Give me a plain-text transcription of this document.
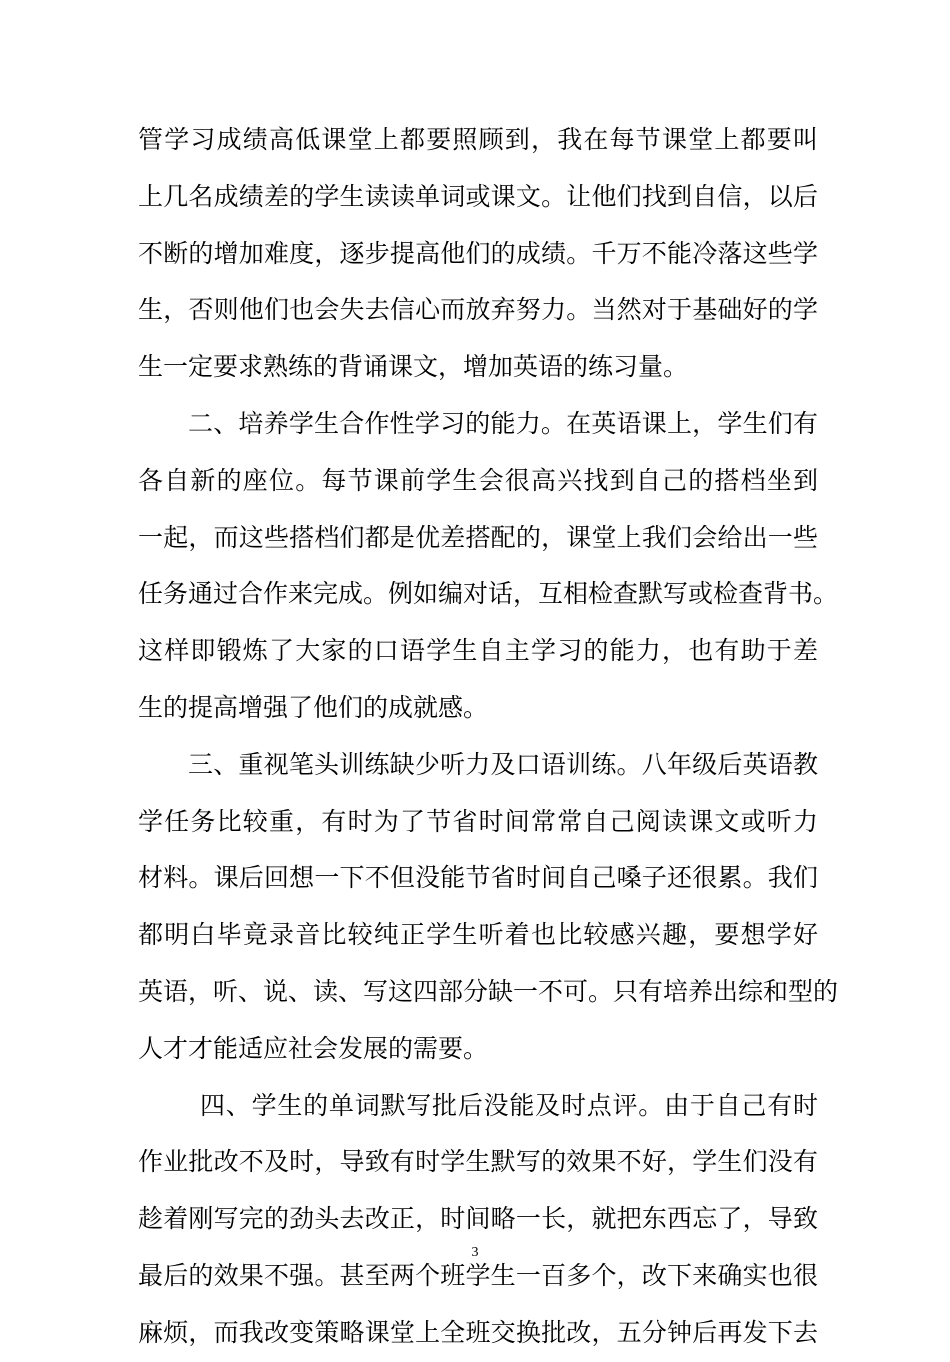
管学习成绩高低课堂上都要照顾到，我在每节课堂上都要叫
上几名成绩差的学生读读单词或课文。让他们找到自信，以后
不断的增加难度，逐步提高他们的成绩。千万不能冷落这些学
生，否则他们也会失去信心而放弃努力。当然对于基础好的学
生一定要求熟练的背诵课文，增加英语的练习量。
二、培养学生合作性学习的能力。在英语课上，学生们有
各自新的座位。每节课前学生会很高兴找到自己的搭档坐到
一起，而这些搭档们都是优差搭配的，课堂上我们会给出一些
任务通过合作来完成。例如编对话，互相检查默写或检查背书。
这样即锻炼了大家的口语学生自主学习的能力，也有助于差
生的提高增强了他们的成就感。
三、重视笔头训练缺少听力及口语训练。八年级后英语教
学任务比较重，有时为了节省时间常常自己阅读课文或听力
材料。课后回想一下不但没能节省时间自己嗓子还很累。我们
都明白毕竟录音比较纯正学生听着也比较感兴趣，要想学好
英语，听、说、读、写这四部分缺一不可。只有培养出综和型的
人才才能适应社会发展的需要。
四、学生的单词默写批后没能及时点评。由于自己有时
作业批改不及时，导致有时学生默写的效果不好，学生们没有
趁着刚写完的劲头去改正，时间略一长，就把东西忘了，导致
最后的效果不强。甚至两个班学生一百多个，改下来确实也很
麻烦，而我改变策略课堂上全班交换批改，五分钟后再发下去
3
